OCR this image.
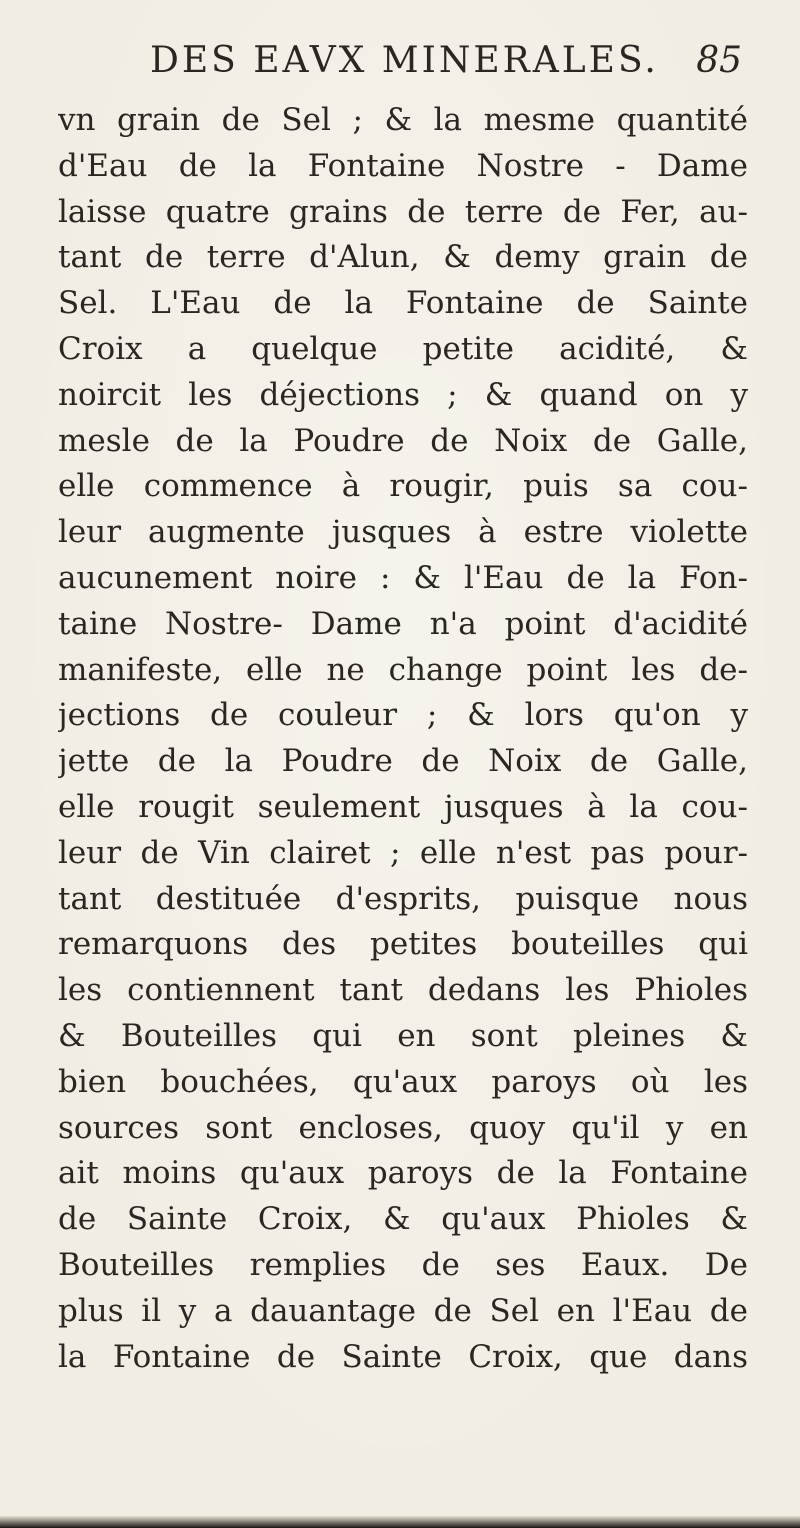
DES EAVX MINERALES. 85
vn grain de Sel ; & la mesme quantité
d'Eau de la Fontaine Nostre - Dame
laisse quatre grains de terre de Fer, au-
tant de terre d'Alun, & demy grain de
Sel. L'Eau de la Fontaine de Sainte
Croix a quelque petite acidité, &
noircit les déjections ; & quand on y
mesle de la Poudre de Noix de Galle,
elle commence à rougir, puis sa cou-
leur augmente jusques à estre violette
aucunement noire : & l'Eau de la Fon-
taine Nostre- Dame n'a point d'acidité
manifeste, elle ne change point les de-
jections de couleur ; & lors qu'on y
jette de la Poudre de Noix de Galle,
elle rougit seulement jusques à la cou-
leur de Vin clairet ; elle n'est pas pour-
tant destituée d'esprits, puisque nous
remarquons des petites bouteilles qui
les contiennent tant dedans les Phioles
& Bouteilles qui en sont pleines &
bien bouchées, qu'aux paroys où les
sources sont encloses, quoy qu'il y en
ait moins qu'aux paroys de la Fontaine
de Sainte Croix, & qu'aux Phioles &
Bouteilles remplies de ses Eaux. De
plus il y a dauantage de Sel en l'Eau de
la Fontaine de Sainte Croix, que dans
